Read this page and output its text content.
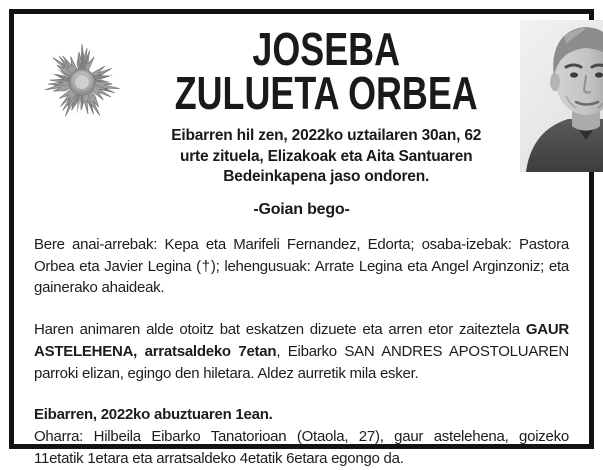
JOSEBA
ZULUETA ORBEA
Eibarren hil zen, 2022ko uztailaren 30an, 62 urte zituela, Elizakoak eta Aita Santuaren Bedeinkapena jaso ondoren.
-Goian bego-

Bere anai-arrebak: Kepa eta Marifeli Fernandez, Edorta; osaba-izebak: Pastora Orbea eta Javier Legina (†); lehengusuak: Arrate Legina eta Angel Arginzoniz; eta gainerako ahaideak.

Haren animaren alde otoitz bat eskatzen dizuete eta arren etor zaiteztela GAUR ASTELEHENA, arratsaldeko 7etan, Eibarko SAN ANDRES APOSTOLUAREN parroki elizan, egingo den hiletara. Aldez aurretik mila esker.

Eibarren, 2022ko abuztuaren 1ean.
Oharra: Hilbeila Eibarko Tanatorioan (Otaola, 27), gaur astelehena, goizeko 11etatik 1etara eta arratsaldeko 4etatik 6etara egongo da.
